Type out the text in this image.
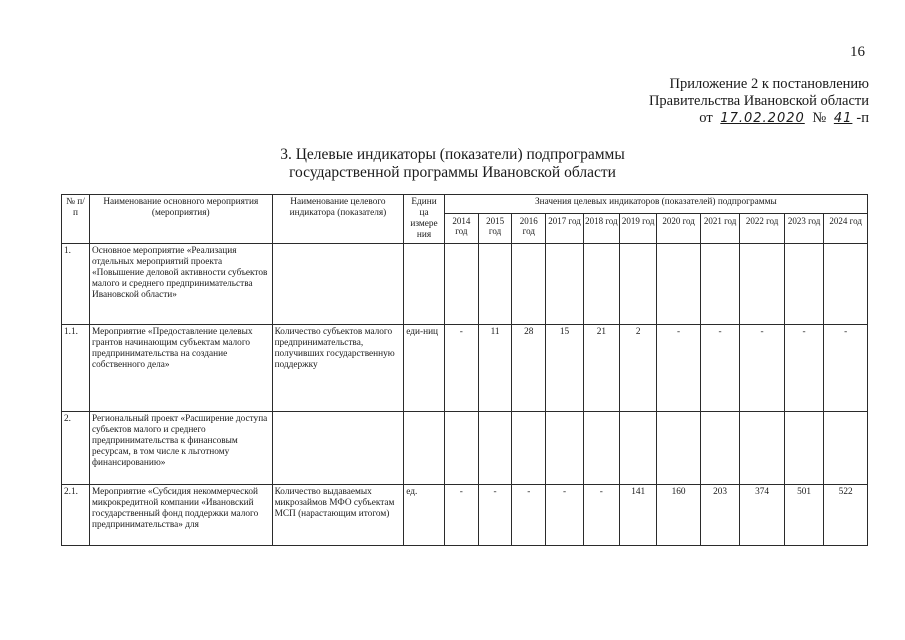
16
Приложение 2 к постановлению
Правительства Ивановской области
от 17.02.2020 № 41 -п
3. Целевые индикаторы (показатели) подпрограммы
государственной программы Ивановской области
№ п/п	Наименование основного мероприятия (мероприятия)	Наименование целевого индикатора (показателя)	Едини ца измере ния	Значения целевых индикаторов (показателей) подпрограммы										
				2014 год	2015 год	2016 год	2017 год	2018 год	2019 год	2020 год	2021 год	2022 год	2023 год	2024 год
1.	Основное мероприятие «Реализация отдельных мероприятий проекта «Повышение деловой активности субъектов малого и среднего предпринимательства Ивановской области»													
1.1.	Мероприятие «Предоставление целевых грантов начинающим субъектам малого предпринимательства на создание собственного дела»	Количество субъектов малого предпринимательства, получивших государственную поддержку	еди-ниц	-	11	28	15	21	2	-	-	-	-	-
2.	Региональный проект «Расширение доступа субъектов малого и среднего предпринимательства к финансовым ресурсам, в том числе к льготному финансированию»													
2.1.	Мероприятие «Субсидия некоммерческой микрокредитной компании «Ивановский государственный фонд поддержки малого предпринимательства» для	Количество выдаваемых микрозаймов МФО субъектам МСП (нарастающим итогом)	ед.	-	-	-	-	-	141	160	203	374	501	522
